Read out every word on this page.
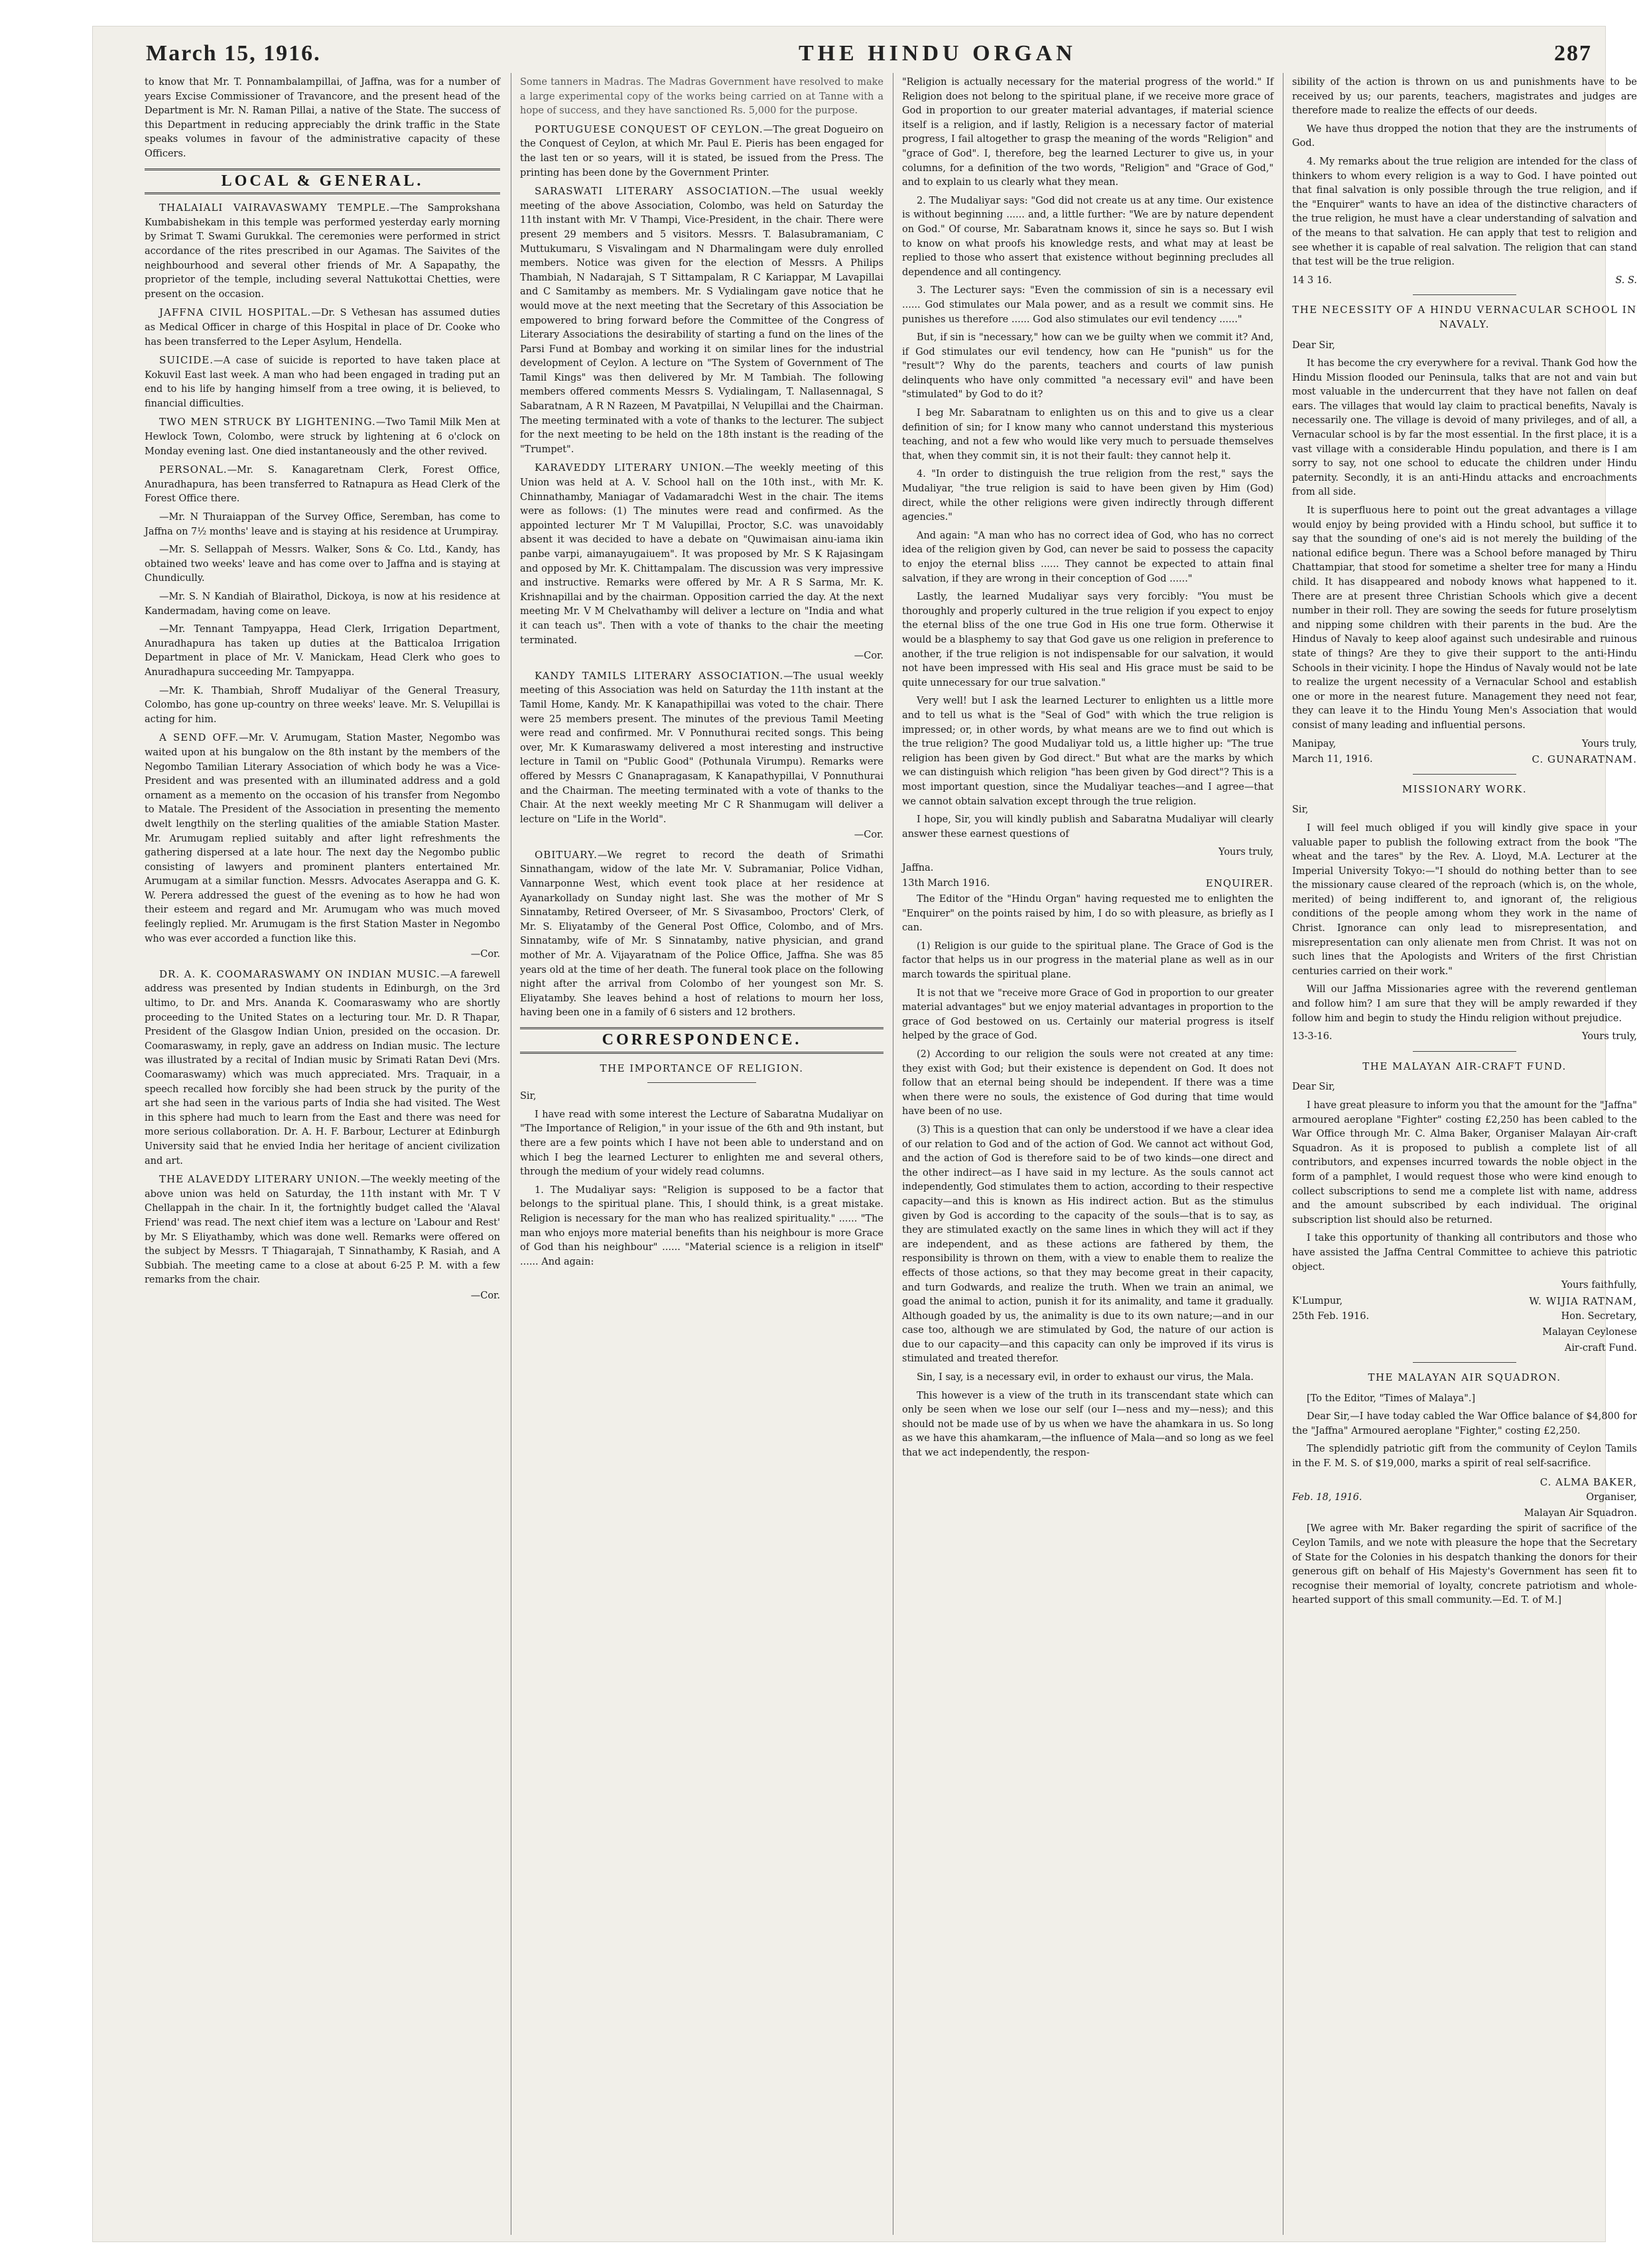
March 15, 1916.	THE HINDU ORGAN	287

to know that Mr. T. Ponnambalampillai, of Jaffna, was for a number of years Excise Commissioner of Travancore, and the present head of the Department is Mr. N. Raman Pillai, a native of the State. The success of this Department in reducing appreciably the drink traffic in the State speaks volumes in favour of the administrative capacity of these Officers.

LOCAL & GENERAL.

THALAIALI VAIRAVASWAMY TEMPLE.—The Samprokshana Kumbabishekam in this temple was performed yesterday early morning by Srimat T. Swami Gurukkal. The ceremonies were performed in strict accordance of the rites prescribed in our Agamas. The Saivites of the neighbourhood and several other friends of Mr. A Sapapathy, the proprietor of the temple, including several Nattukottai Chetties, were present on the occasion.

JAFFNA CIVIL HOSPITAL.—Dr. S Vethesan has assumed duties as Medical Officer in charge of this Hospital in place of Dr. Cooke who has been transferred to the Leper Asylum, Hendella.

SUICIDE.—A case of suicide is reported to have taken place at Kokuvil East last week. A man who had been engaged in trading put an end to his life by hanging himself from a tree owing, it is believed, to financial difficulties.

TWO MEN STRUCK BY LIGHTENING.—Two Tamil Milk Men at Hewlock Town, Colombo, were struck by lightening at 6 o'clock on Monday evening last. One died instantaneously and the other revived.

PERSONAL.—Mr. S. Kanagaretnam Clerk, Forest Office, Anuradhapura, has been transferred to Ratnapura as Head Clerk of the Forest Office there.

—Mr. N Thuraiappan of the Survey Office, Seremban, has come to Jaffna on 7½ months' leave and is staying at his residence at Urumpiray.

—Mr. S. Sellappah of Messrs. Walker, Sons & Co. Ltd., Kandy, has obtained two weeks' leave and has come over to Jaffna and is staying at Chundicully.

—Mr. S. N Kandiah of Blairathol, Dickoya, is now at his residence at Kandermadam, having come on leave.

—Mr. Tennant Tampyappa, Head Clerk, Irrigation Department, Anuradhapura has taken up duties at the Batticaloa Irrigation Department in place of Mr. V. Manickam, Head Clerk who goes to Anuradhapura succeeding Mr. Tampyappa.

—Mr. K. Thambiah, Shroff Mudaliyar of the General Treasury, Colombo, has gone up-country on three weeks' leave. Mr. S. Velupillai is acting for him.

A SEND OFF.—Mr. V. Arumugam, Station Master, Negombo was waited upon at his bungalow on the 8th instant by the members of the Negombo Tamilian Literary Association of which body he was a Vice-President and was presented with an illuminated address and a gold ornament as a memento on the occasion of his transfer from Negombo to Matale. The President of the Association in presenting the memento dwelt lengthily on the sterling qualities of the amiable Station Master. Mr. Arumugam replied suitably and after light refreshments the gathering dispersed at a late hour. The next day the Negombo public consisting of lawyers and prominent planters entertained Mr. Arumugam at a similar function. Messrs. Advocates Aserappa and G. K. W. Perera addressed the guest of the evening as to how he had won their esteem and regard and Mr. Arumugam who was much moved feelingly replied. Mr. Arumugam is the first Station Master in Negombo who was ever accorded a function like this.

—Cor.

DR. A. K. COOMARASWAMY ON INDIAN MUSIC.—A farewell address was presented by Indian students in Edinburgh, on the 3rd ultimo, to Dr. and Mrs. Ananda K. Coomaraswamy who are shortly proceeding to the United States on a lecturing tour. Mr. D. R Thapar, President of the Glasgow Indian Union, presided on the occasion. Dr. Coomaraswamy, in reply, gave an address on Indian music. The lecture was illustrated by a recital of Indian music by Srimati Ratan Devi (Mrs. Coomaraswamy) which was much appreciated. Mrs. Traquair, in a speech recalled how forcibly she had been struck by the purity of the art she had seen in the various parts of India she had visited. The West in this sphere had much to learn from the East and there was need for more serious collaboration. Dr. A. H. F. Barbour, Lecturer at Edinburgh University said that he envied India her heritage of ancient civilization and art.

THE ALAVEDDY LITERARY UNION.—The weekly meeting of the above union was held on Saturday, the 11th instant with Mr. T V Chellappah in the chair. In it, the fortnightly budget called the 'Alaval Friend' was read. The next chief item was a lecture on 'Labour and Rest' by Mr. S Eliyathamby, which was done well. Remarks were offered on the subject by Messrs. T Thiagarajah, T Sinnathamby, K Rasiah, and A Subbiah. The meeting came to a close at about 6-25 P. M. with a few remarks from the chair.

—Cor.

Some tanners in Madras. The Madras Government have resolved to make a large experimental copy of the works being carried on at Tanne with a hope of success, and they have sanctioned Rs. 5,000 for the purpose.

PORTUGUESE CONQUEST OF CEYLON.—The great Dogueiro on the Conquest of Ceylon, at which Mr. Paul E. Pieris has been engaged for the last ten or so years, will it is stated, be issued from the Press. The printing has been done by the Government Printer.

SARASWATI LITERARY ASSOCIATION.—The usual weekly meeting of the above Association, Colombo, was held on Saturday the 11th instant with Mr. V Thampi, Vice-President, in the chair. There were present 29 members and 5 visitors. Messrs. T. Balasubramaniam, C Muttukumaru, S Visvalingam and N Dharmalingam were duly enrolled members. Notice was given for the election of Messrs. A Philips Thambiah, N Nadarajah, S T Sittampalam, R C Kariappar, M Lavapillai and C Samitamby as members. Mr. S Vydialingam gave notice that he would move at the next meeting that the Secretary of this Association be empowered to bring forward before the Committee of the Congress of Literary Associations the desirability of starting a fund on the lines of the Parsi Fund at Bombay and working it on similar lines for the industrial development of Ceylon. A lecture on "The System of Government of The Tamil Kings" was then delivered by Mr. M Tambiah. The following members offered comments Messrs S. Vydialingam, T. Nallasennagal, S Sabaratnam, A R N Razeen, M Pavatpillai, N Velupillai and the Chairman. The meeting terminated with a vote of thanks to the lecturer. The subject for the next meeting to be held on the 18th instant is the reading of the "Trumpet".

KARAVEDDY LITERARY UNION.—The weekly meeting of this Union was held at A. V. School hall on the 10th inst., with Mr. K. Chinnathamby, Maniagar of Vadamaradchi West in the chair. The items were as follows: (1) The minutes were read and confirmed. As the appointed lecturer Mr T M Valupillai, Proctor, S.C. was unavoidably absent it was decided to have a debate on "Quwimaisan ainu-iama ikin panbe varpi, aimanayugaiuem". It was proposed by Mr. S K Rajasingam and opposed by Mr. K. Chittampalam. The discussion was very impressive and instructive. Remarks were offered by Mr. A R S Sarma, Mr. K. Krishnapillai and by the chairman. Opposition carried the day. At the next meeting Mr. V M Chelvathamby will deliver a lecture on "India and what it can teach us". Then with a vote of thanks to the chair the meeting terminated.

—Cor.

KANDY TAMILS LITERARY ASSOCIATION.—The usual weekly meeting of this Association was held on Saturday the 11th instant at the Tamil Home, Kandy. Mr. K Kanapathipillai was voted to the chair. There were 25 members present. The minutes of the previous Tamil Meeting were read and confirmed. Mr. V Ponnuthurai recited songs. This being over, Mr. K Kumaraswamy delivered a most interesting and instructive lecture in Tamil on "Public Good" (Pothunala Virumpu). Remarks were offered by Messrs C Gnanapragasam, K Kanapathypillai, V Ponnuthurai and the Chairman. The meeting terminated with a vote of thanks to the Chair. At the next weekly meeting Mr C R Shanmugam will deliver a lecture on "Life in the World".

—Cor.

OBITUARY.—We regret to record the death of Srimathi Sinnathangam, widow of the late Mr. V. Subramaniar, Police Vidhan, Vannarponne West, which event took place at her residence at Ayanarkollady on Sunday night last. She was the mother of Mr S Sinnatamby, Retired Overseer, of Mr. S Sivasamboo, Proctors' Clerk, of Mr. S. Eliyatamby of the General Post Office, Colombo, and of Mrs. Sinnatamby, wife of Mr. S Sinnatamby, native physician, and grand mother of Mr. A. Vijayaratnam of the Police Office, Jaffna. She was 85 years old at the time of her death. The funeral took place on the following night after the arrival from Colombo of her youngest son Mr. S. Eliyatamby. She leaves behind a host of relations to mourn her loss, having been one in a family of 6 sisters and 12 brothers.

CORRESPONDENCE.
THE IMPORTANCE OF RELIGION.

Sir,

I have read with some interest the Lecture of Sabaratna Mudaliyar on "The Importance of Religion," in your issue of the 6th and 9th instant, but there are a few points which I have not been able to understand and on which I beg the learned Lecturer to enlighten me and several others, through the medium of your widely read columns.

1. The Mudaliyar says: "Religion is supposed to be a factor that belongs to the spiritual plane. This, I should think, is a great mistake. Religion is necessary for the man who has realized spirituality." ...... "The man who enjoys more material benefits than his neighbour is more Grace of God than his neighbour" ...... "Material science is a religion in itself" ...... And again:

"Religion is actually necessary for the material progress of the world." If Religion does not belong to the spiritual plane, if we receive more grace of God in proportion to our greater material advantages, if material science itself is a religion, and if lastly, Religion is a necessary factor of material progress, I fail altogether to grasp the meaning of the words "Religion" and "grace of God". I, therefore, beg the learned Lecturer to give us, in your columns, for a definition of the two words, "Religion" and "Grace of God," and to explain to us clearly what they mean.

2. The Mudaliyar says: "God did not create us at any time. Our existence is without beginning ...... and, a little further: "We are by nature dependent on God." Of course, Mr. Sabaratnam knows it, since he says so. But I wish to know on what proofs his knowledge rests, and what may at least be replied to those who assert that existence without beginning precludes all dependence and all contingency.

3. The Lecturer says: "Even the commission of sin is a necessary evil ...... God stimulates our Mala power, and as a result we commit sins. He punishes us therefore ...... God also stimulates our evil tendency ......"

But, if sin is "necessary," how can we be guilty when we commit it? And, if God stimulates our evil tendency, how can He "punish" us for the "result"? Why do the parents, teachers and courts of law punish delinquents who have only committed "a necessary evil" and have been "stimulated" by God to do it?

I beg Mr. Sabaratnam to enlighten us on this and to give us a clear definition of sin; for I know many who cannot understand this mysterious teaching, and not a few who would like very much to persuade themselves that, when they commit sin, it is not their fault: they cannot help it.

4. "In order to distinguish the true religion from the rest," says the Mudaliyar, "the true religion is said to have been given by Him (God) direct, while the other religions were given indirectly through different agencies."

And again: "A man who has no correct idea of God, who has no correct idea of the religion given by God, can never be said to possess the capacity to enjoy the eternal bliss ...... They cannot be expected to attain final salvation, if they are wrong in their conception of God ......"

Lastly, the learned Mudaliyar says very forcibly: "You must be thoroughly and properly cultured in the true religion if you expect to enjoy the eternal bliss of the one true God in His one true form. Otherwise it would be a blasphemy to say that God gave us one religion in preference to another, if the true religion is not indispensable for our salvation, it would not have been impressed with His seal and His grace must be said to be quite unnecessary for our true salvation."

Very well! but I ask the learned Lecturer to enlighten us a little more and to tell us what is the "Seal of God" with which the true religion is impressed; or, in other words, by what means are we to find out which is the true religion? The good Mudaliyar told us, a little higher up: "The true religion has been given by God direct." But what are the marks by which we can distinguish which religion "has been given by God direct"? This is a most important question, since the Mudaliyar teaches—and I agree—that we cannot obtain salvation except through the true religion.

I hope, Sir, you will kindly publish and Sabaratna Mudaliyar will clearly answer these earnest questions of

Yours truly,
Jaffna.
13th March 1916.	ENQUIRER.

The Editor of the "Hindu Organ" having requested me to enlighten the "Enquirer" on the points raised by him, I do so with pleasure, as briefly as I can.

(1) Religion is our guide to the spiritual plane. The Grace of God is the factor that helps us in our progress in the material plane as well as in our march towards the spiritual plane.

It is not that we "receive more Grace of God in proportion to our greater material advantages" but we enjoy material advantages in proportion to the grace of God bestowed on us. Certainly our material progress is itself helped by the grace of God.

(2) According to our religion the souls were not created at any time: they exist with God; but their existence is dependent on God. It does not follow that an eternal being should be independent. If there was a time when there were no souls, the existence of God during that time would have been of no use.

(3) This is a question that can only be understood if we have a clear idea of our relation to God and of the action of God. We cannot act without God, and the action of God is therefore said to be of two kinds—one direct and the other indirect—as I have said in my lecture. As the souls cannot act independently, God stimulates them to action, according to their respective capacity—and this is known as His indirect action. But as the stimulus given by God is according to the capacity of the souls—that is to say, as they are stimulated exactly on the same lines in which they will act if they are independent, and as these actions are fathered by them, the responsibility is thrown on them, with a view to enable them to realize the effects of those actions, so that they may become great in their capacity, and turn Godwards, and realize the truth. When we train an animal, we goad the animal to action, punish it for its animality, and tame it gradually. Although goaded by us, the animality is due to its own nature;—and in our case too, although we are stimulated by God, the nature of our action is due to our capacity—and this capacity can only be improved if its virus is stimulated and treated therefor.

Sin, I say, is a necessary evil, in order to exhaust our virus, the Mala.

This however is a view of the truth in its transcendant state which can only be seen when we lose our self (our I—ness and my—ness); and this should not be made use of by us when we have the ahamkara in us. So long as we have this ahamkaram,—the influence of Mala—and so long as we feel that we act independently, the respon-

sibility of the action is thrown on us and punishments have to be received by us; our parents, teachers, magistrates and judges are therefore made to realize the effects of our deeds.

We have thus dropped the notion that they are the instruments of God.

4. My remarks about the true religion are intended for the class of thinkers to whom every religion is a way to God. I have pointed out that final salvation is only possible through the true religion, and if the "Enquirer" wants to have an idea of the distinctive characters of the true religion, he must have a clear understanding of salvation and of the means to that salvation. He can apply that test to religion and see whether it is capable of real salvation. The religion that can stand that test will be the true religion.

14 3 16.	S. S.
THE NECESSITY OF A HINDU VERNACULAR SCHOOL IN NAVALY.

Dear Sir,

It has become the cry everywhere for a revival. Thank God how the Hindu Mission flooded our Peninsula, talks that are not and vain but most valuable in the undercurrent that they have not fallen on deaf ears. The villages that would lay claim to practical benefits, Navaly is necessarily one. The village is devoid of many privileges, and of all, a Vernacular school is by far the most essential. In the first place, it is a vast village with a considerable Hindu population, and there is I am sorry to say, not one school to educate the children under Hindu paternity. Secondly, it is an anti-Hindu attacks and encroachments from all side.

It is superfluous here to point out the great advantages a village would enjoy by being provided with a Hindu school, but suffice it to say that the sounding of one's aid is not merely the building of the national edifice begun. There was a School before managed by Thiru Chattampiar, that stood for sometime a shelter tree for many a Hindu child. It has disappeared and nobody knows what happened to it. There are at present three Christian Schools which give a decent number in their roll. They are sowing the seeds for future proselytism and nipping some children with their parents in the bud. Are the Hindus of Navaly to keep aloof against such undesirable and ruinous state of things? Are they to give their support to the anti-Hindu Schools in their vicinity. I hope the Hindus of Navaly would not be late to realize the urgent necessity of a Vernacular School and establish one or more in the nearest future. Management they need not fear, they can leave it to the Hindu Young Men's Association that would consist of many leading and influential persons.

Manipay,	Yours truly,
March 11, 1916.	C. GUNARATNAM.
MISSIONARY WORK.

Sir,

I will feel much obliged if you will kindly give space in your valuable paper to publish the following extract from the book "The wheat and the tares" by the Rev. A. Lloyd, M.A. Lecturer at the Imperial University Tokyo:—"I should do nothing better than to see the missionary cause cleared of the reproach (which is, on the whole, merited) of being indifferent to, and ignorant of, the religious conditions of the people among whom they work in the name of Christ. Ignorance can only lead to misrepresentation, and misrepresentation can only alienate men from Christ. It was not on such lines that the Apologists and Writers of the first Christian centuries carried on their work."

Will our Jaffna Missionaries agree with the reverend gentleman and follow him? I am sure that they will be amply rewarded if they follow him and begin to study the Hindu religion without prejudice.

13-3-16.	Yours truly,
THE MALAYAN AIR-CRAFT FUND.

Dear Sir,

I have great pleasure to inform you that the amount for the "Jaffna" armoured aeroplane "Fighter" costing £2,250 has been cabled to the War Office through Mr. C. Alma Baker, Organiser Malayan Air-craft Squadron. As it is proposed to publish a complete list of all contributors, and expenses incurred towards the noble object in the form of a pamphlet, I would request those who were kind enough to collect subscriptions to send me a complete list with name, address and the amount subscribed by each individual. The original subscription list should also be returned.

I take this opportunity of thanking all contributors and those who have assisted the Jaffna Central Committee to achieve this patriotic object.

Yours faithfully,
K'Lumpur,	W. WIJIA RATNAM,
25th Feb. 1916.	Hon. Secretary,
Malayan Ceylonese
Air-craft Fund.
THE MALAYAN AIR SQUADRON.

[To the Editor, "Times of Malaya".]

Dear Sir,—I have today cabled the War Office balance of $4,800 for the "Jaffna" Armoured aeroplane "Fighter," costing £2,250.

The splendidly patriotic gift from the community of Ceylon Tamils in the F. M. S. of $19,000, marks a spirit of real self-sacrifice.

C. ALMA BAKER,
Feb. 18, 1916.	Organiser,
Malayan Air Squadron.

[We agree with Mr. Baker regarding the spirit of sacrifice of the Ceylon Tamils, and we note with pleasure the hope that the Secretary of State for the Colonies in his despatch thanking the donors for their generous gift on behalf of His Majesty's Government has seen fit to recognise their memorial of loyalty, concrete patriotism and whole-hearted support of this small community.—Ed. T. of M.]
